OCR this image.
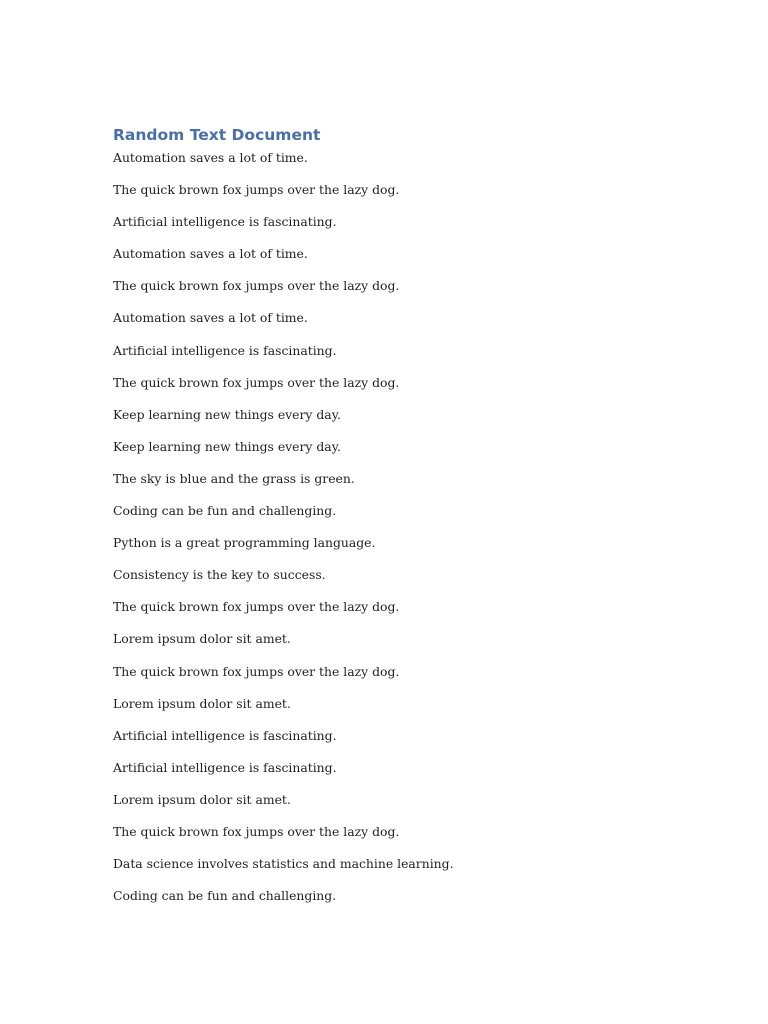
Random Text Document
Automation saves a lot of time.
The quick brown fox jumps over the lazy dog.
Artificial intelligence is fascinating.
Automation saves a lot of time.
The quick brown fox jumps over the lazy dog.
Automation saves a lot of time.
Artificial intelligence is fascinating.
The quick brown fox jumps over the lazy dog.
Keep learning new things every day.
Keep learning new things every day.
The sky is blue and the grass is green.
Coding can be fun and challenging.
Python is a great programming language.
Consistency is the key to success.
The quick brown fox jumps over the lazy dog.
Lorem ipsum dolor sit amet.
The quick brown fox jumps over the lazy dog.
Lorem ipsum dolor sit amet.
Artificial intelligence is fascinating.
Artificial intelligence is fascinating.
Lorem ipsum dolor sit amet.
The quick brown fox jumps over the lazy dog.
Data science involves statistics and machine learning.
Coding can be fun and challenging.
